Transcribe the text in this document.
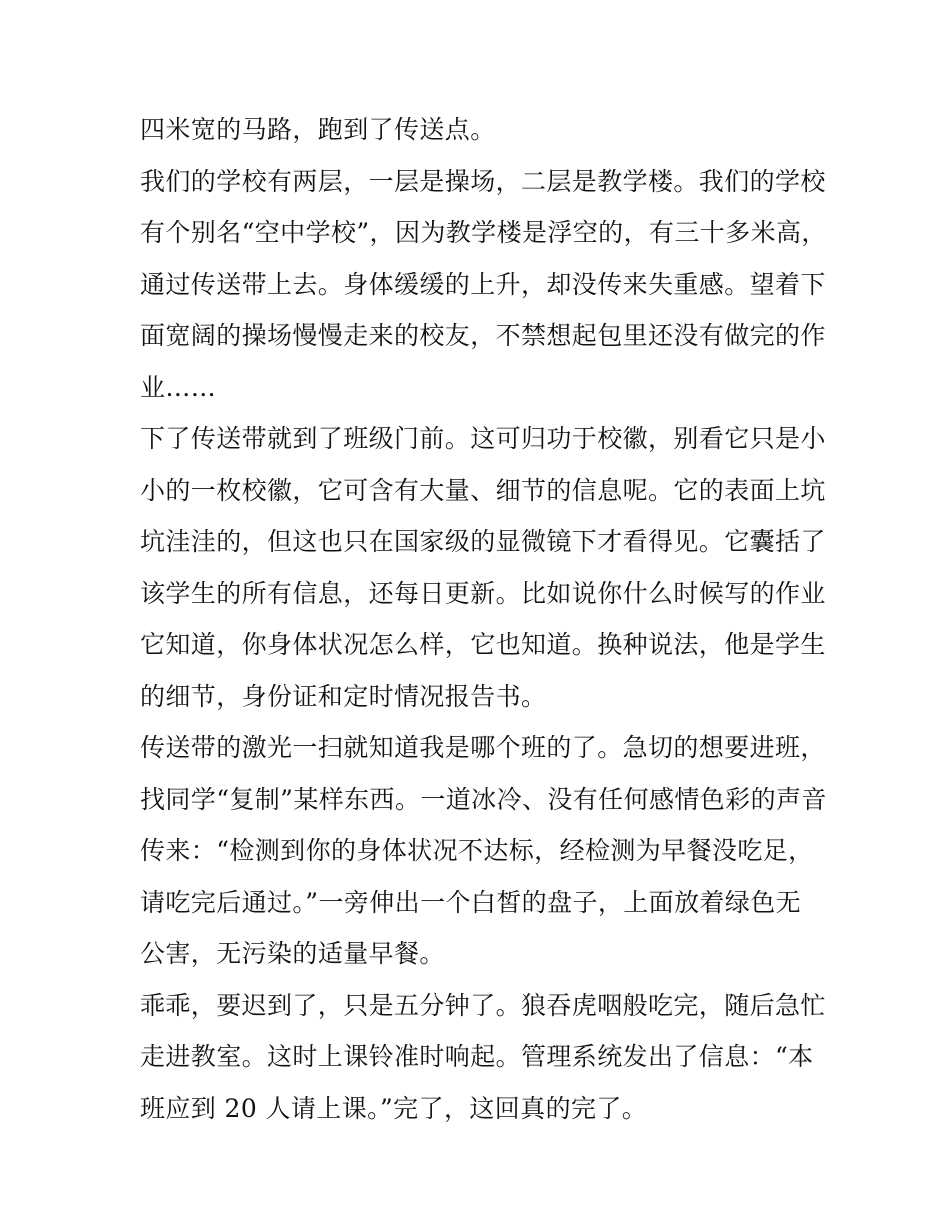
四米宽的马路，跑到了传送点。
我们的学校有两层，一层是操场，二层是教学楼。我们的学校
有个别名“空中学校”，因为教学楼是浮空的，有三十多米高，
通过传送带上去。身体缓缓的上升，却没传来失重感。望着下
面宽阔的操场慢慢走来的校友，不禁想起包里还没有做完的作
业……
下了传送带就到了班级门前。这可归功于校徽，别看它只是小
小的一枚校徽，它可含有大量、细节的信息呢。它的表面上坑
坑洼洼的，但这也只在国家级的显微镜下才看得见。它囊括了
该学生的所有信息，还每日更新。比如说你什么时候写的作业
它知道，你身体状况怎么样，它也知道。换种说法，他是学生
的细节，身份证和定时情况报告书。
传送带的激光一扫就知道我是哪个班的了。急切的想要进班，
找同学“复制”某样东西。一道冰冷、没有任何感情色彩的声音
传来：“检测到你的身体状况不达标，经检测为早餐没吃足，
请吃完后通过。”一旁伸出一个白皙的盘子，上面放着绿色无
公害，无污染的适量早餐。
乖乖，要迟到了，只是五分钟了。狼吞虎咽般吃完，随后急忙
走进教室。这时上课铃准时响起。管理系统发出了信息：“本
班应到 20 人请上课。”完了，这回真的完了。
